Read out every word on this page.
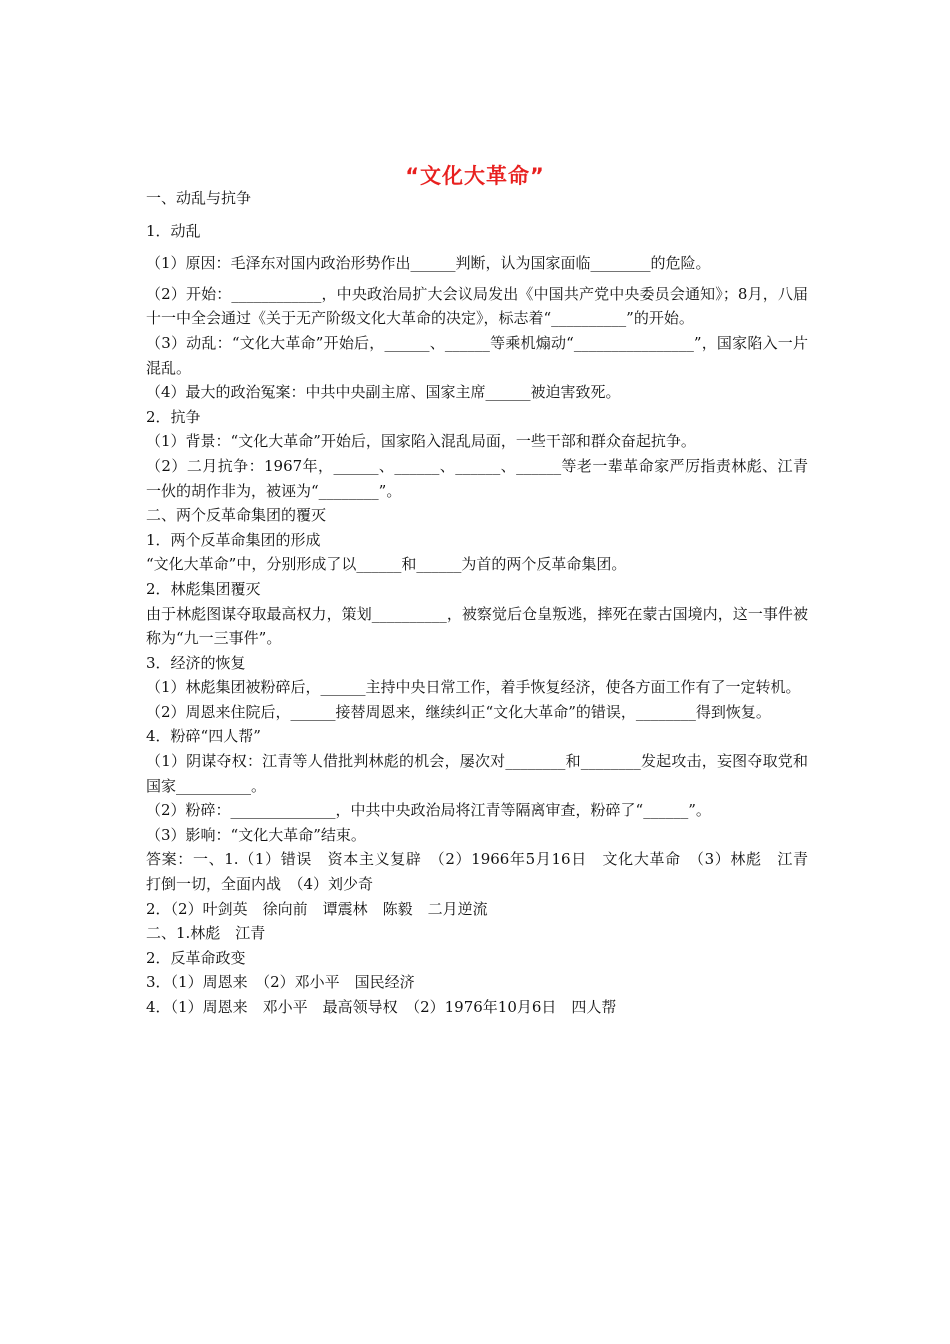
“文化大革命”

一、动乱与抗争

1．动乱

（1）原因：毛泽东对国内政治形势作出______判断，认为国家面临________的危险。

（2）开始：____________，中央政治局扩大会议局发出《中国共产党中央委员会通知》；8月，八届十一中全会通过《关于无产阶级文化大革命的决定》，标志着“__________”的开始。

（3）动乱：“文化大革命”开始后，______、______等乘机煽动“________________”，国家陷入一片混乱。

（4）最大的政治冤案：中共中央副主席、国家主席______被迫害致死。

2．抗争

（1）背景：“文化大革命”开始后，国家陷入混乱局面，一些干部和群众奋起抗争。

（2）二月抗争：1967年，______、______、______、______等老一辈革命家严厉指责林彪、江青一伙的胡作非为，被诬为“________”。

二、两个反革命集团的覆灭

1．两个反革命集团的形成

“文化大革命”中，分别形成了以______和______为首的两个反革命集团。

2．林彪集团覆灭

由于林彪图谋夺取最高权力，策划__________，被察觉后仓皇叛逃，摔死在蒙古国境内，这一事件被称为“九一三事件”。

3．经济的恢复

（1）林彪集团被粉碎后，______主持中央日常工作，着手恢复经济，使各方面工作有了一定转机。

（2）周恩来住院后，______接替周恩来，继续纠正“文化大革命”的错误，________得到恢复。

4．粉碎“四人帮”

（1）阴谋夺权：江青等人借批判林彪的机会，屡次对________和________发起攻击，妄图夺取党和国家__________。

（2）粉碎：______________，中共中央政治局将江青等隔离审查，粉碎了“______”。

（3）影响：“文化大革命”结束。

答案：一、1.（1）错误　资本主义复辟　（2）1966年5月16日　文化大革命　（3）林彪　江青　打倒一切，全面内战　（4）刘少奇

2．（2）叶剑英　徐向前　谭震林　陈毅　二月逆流

二、1.林彪　江青

2．反革命政变

3．（1）周恩来　（2）邓小平　国民经济

4．（1）周恩来　邓小平　最高领导权　（2）1976年10月6日　四人帮
